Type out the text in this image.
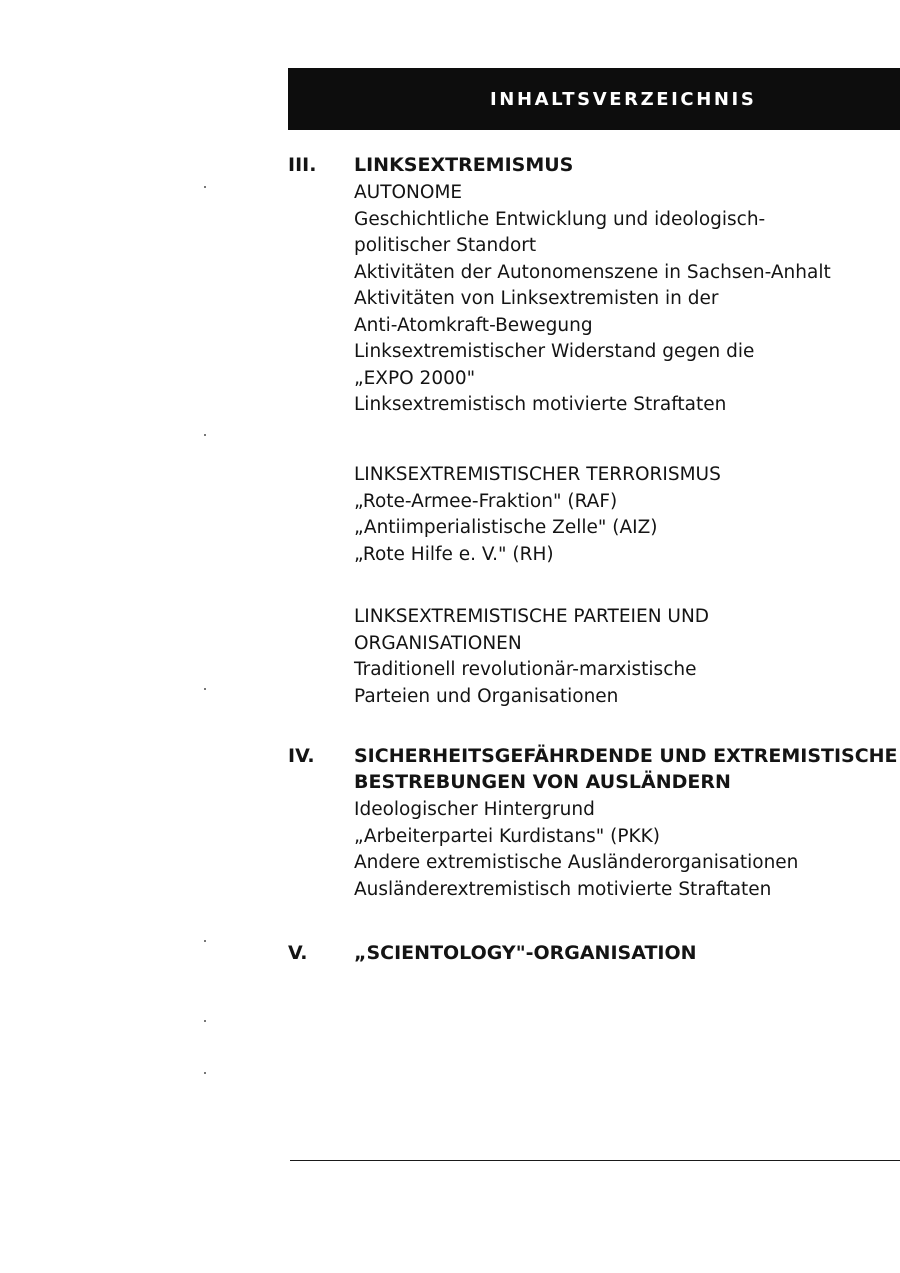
INHALTSVERZEICHNIS
III. LINKSEXTREMISMUS
AUTONOME
Geschichtliche Entwicklung und ideologisch-
politischer Standort
Aktivitäten der Autonomenszene in Sachsen-Anhalt
Aktivitäten von Linksextremisten in der
Anti-Atomkraft-Bewegung
Linksextremistischer Widerstand gegen die
„EXPO 2000"
Linksextremistisch motivierte Straftaten
LINKSEXTREMISTISCHER TERRORISMUS
„Rote-Armee-Fraktion" (RAF)
„Antiimperialistische Zelle" (AIZ)
„Rote Hilfe e. V." (RH)
LINKSEXTREMISTISCHE PARTEIEN UND
ORGANISATIONEN
Traditionell revolutionär-marxistische
Parteien und Organisationen
IV. SICHERHEITSGEFÄHRDENDE UND EXTREMISTISCHE
BESTREBUNGEN VON AUSLÄNDERN
Ideologischer Hintergrund
„Arbeiterpartei Kurdistans" (PKK)
Andere extremistische Ausländerorganisationen
Ausländerextremistisch motivierte Straftaten
V. „SCIENTOLOGY"-ORGANISATION
